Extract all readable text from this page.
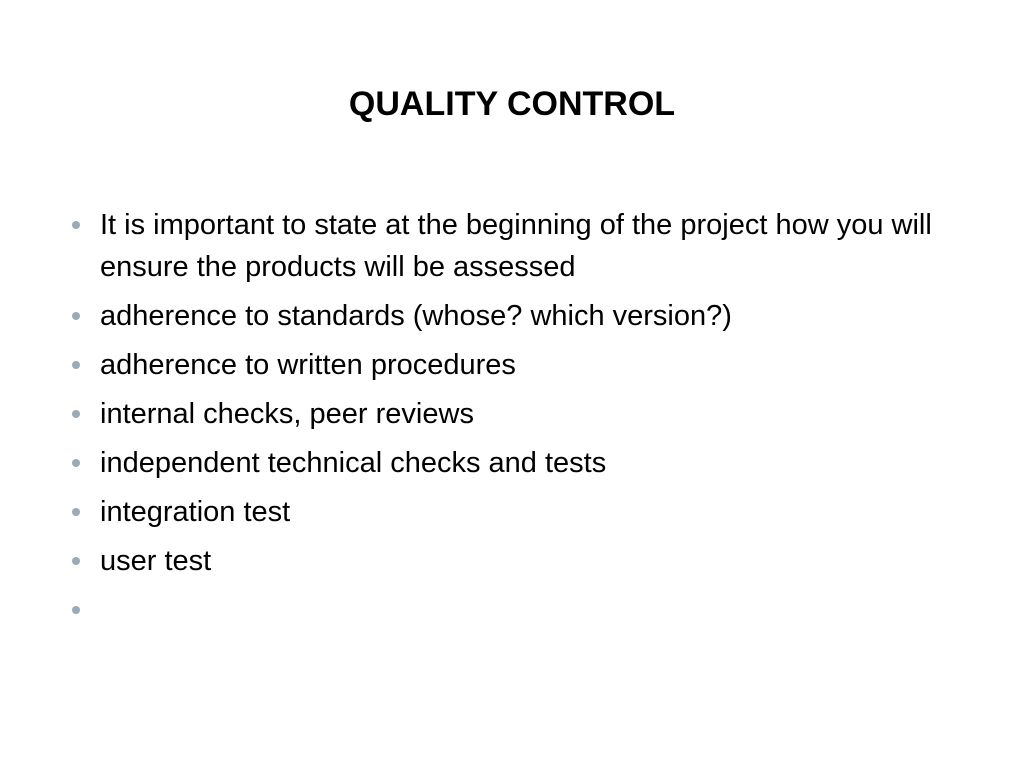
QUALITY CONTROL
It is important to state at the beginning of the project how you will ensure the products will be assessed
adherence to standards (whose? which version?)
adherence to written procedures
internal checks, peer reviews
independent technical checks and tests
integration test
user test
